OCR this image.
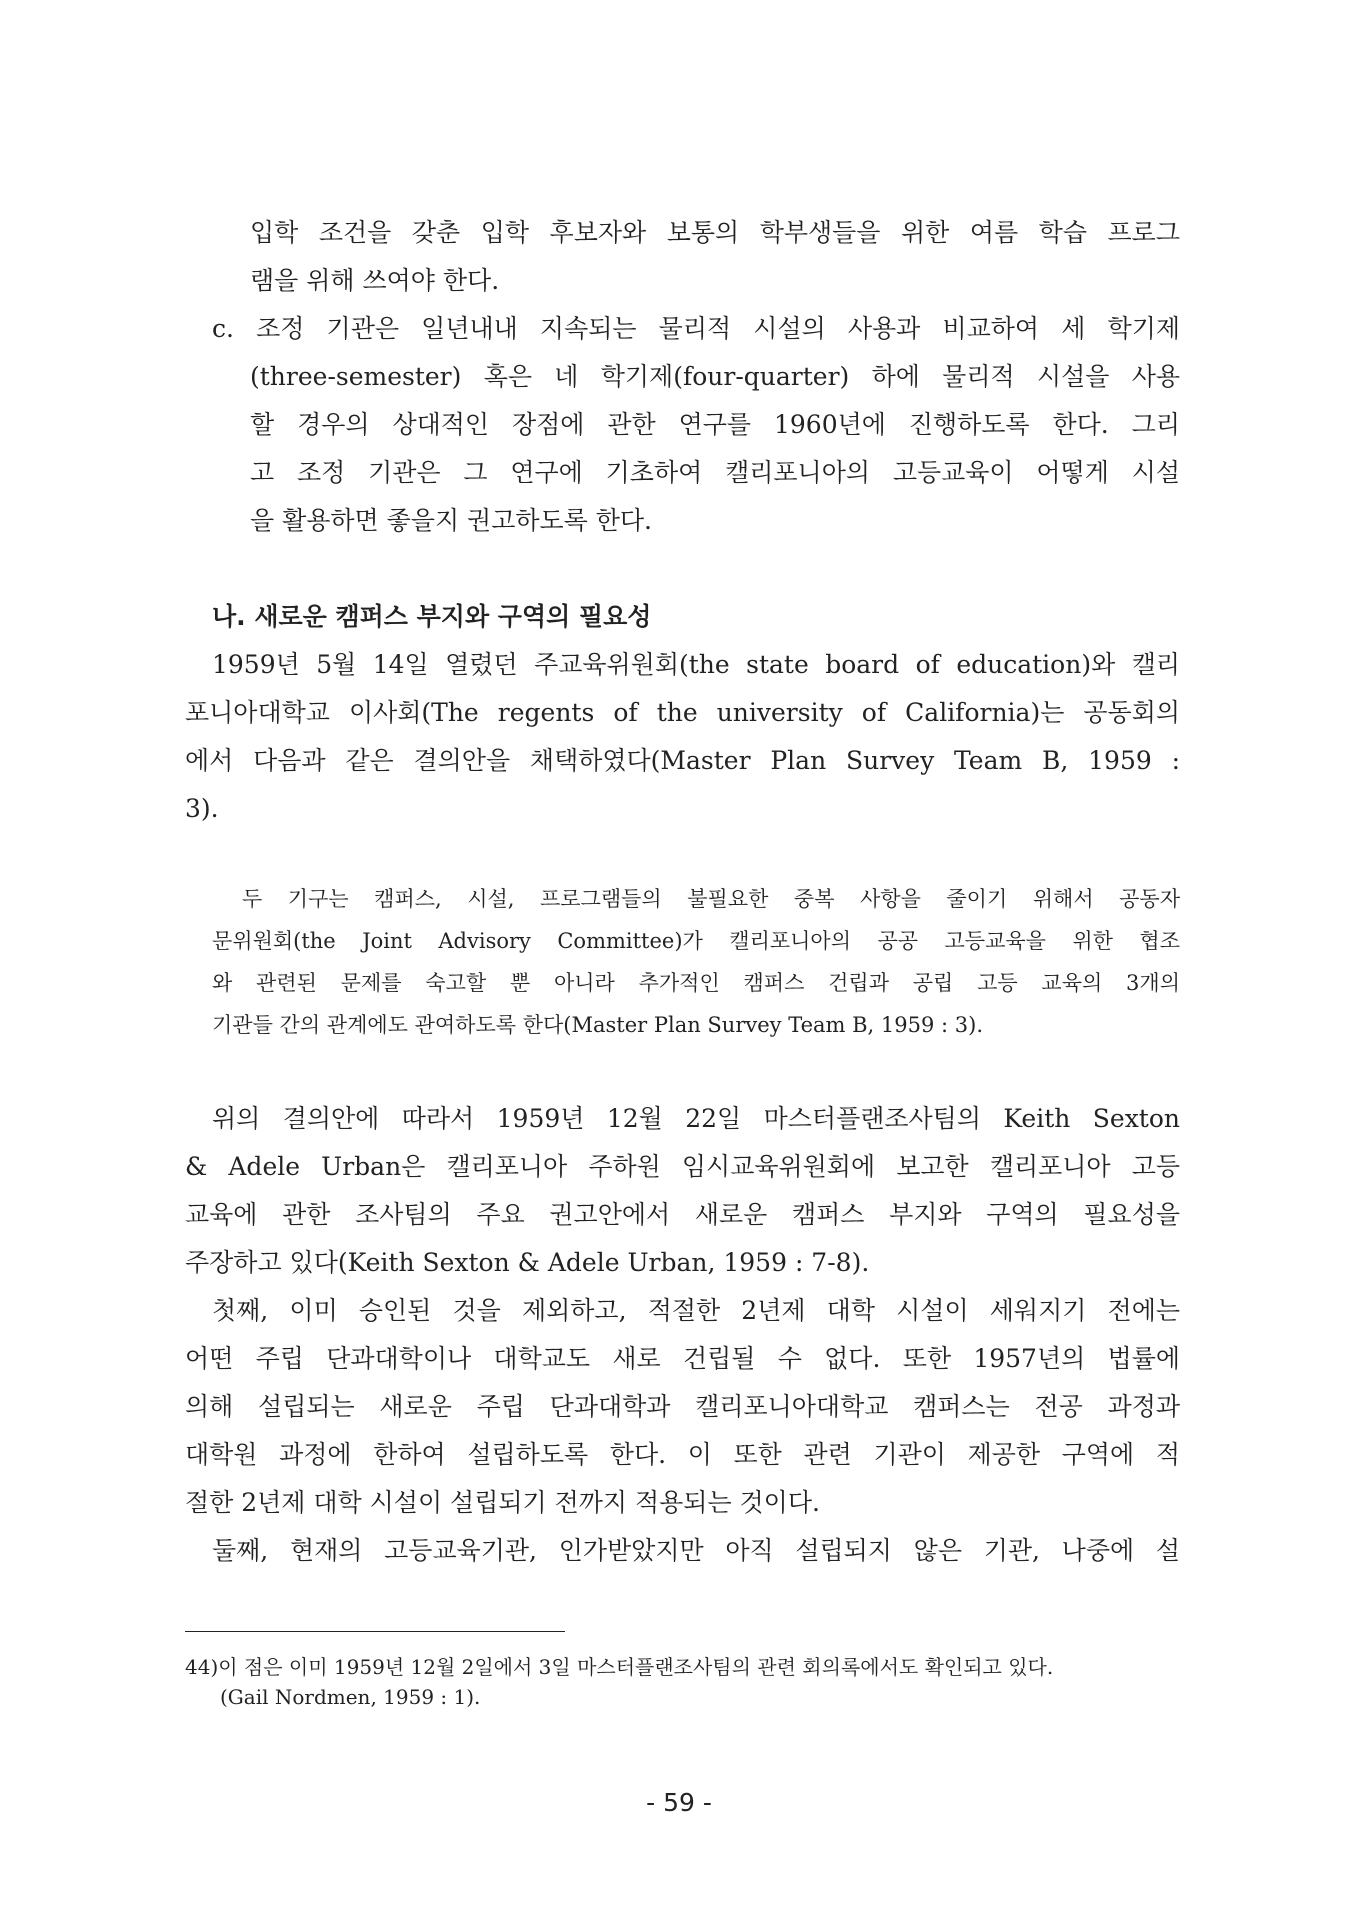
입학 조건을 갖춘 입학 후보자와 보통의 학부생들을 위한 여름 학습 프로그
램을 위해 쓰여야 한다.
c. 조정 기관은 일년내내 지속되는 물리적 시설의 사용과 비교하여 세 학기제
(three-semester) 혹은 네 학기제(four-quarter) 하에 물리적 시설을 사용
할 경우의 상대적인 장점에 관한 연구를 1960년에 진행하도록 한다. 그리
고 조정 기관은 그 연구에 기초하여 캘리포니아의 고등교육이 어떻게 시설
을 활용하면 좋을지 권고하도록 한다.
나. 새로운 캠퍼스 부지와 구역의 필요성
1959년 5월 14일 열렸던 주교육위원회(the state board of education)와 캘리
포니아대학교 이사회(The regents of the university of California)는 공동회의
에서 다음과 같은 결의안을 채택하였다(Master Plan Survey Team B, 1959 :
3).
두 기구는 캠퍼스, 시설, 프로그램들의 불필요한 중복 사항을 줄이기 위해서 공동자
문위원회(the Joint Advisory Committee)가 캘리포니아의 공공 고등교육을 위한 협조
와 관련된 문제를 숙고할 뿐 아니라 추가적인 캠퍼스 건립과 공립 고등 교육의 3개의
기관들 간의 관계에도 관여하도록 한다(Master Plan Survey Team B, 1959 : 3).
위의 결의안에 따라서 1959년 12월 22일 마스터플랜조사팀의 Keith Sexton
& Adele Urban은 캘리포니아 주하원 임시교육위원회에 보고한 캘리포니아 고등
교육에 관한 조사팀의 주요 권고안에서 새로운 캠퍼스 부지와 구역의 필요성을
주장하고 있다(Keith Sexton & Adele Urban, 1959 : 7-8).
첫째, 이미 승인된 것을 제외하고, 적절한 2년제 대학 시설이 세워지기 전에는
어떤 주립 단과대학이나 대학교도 새로 건립될 수 없다. 또한 1957년의 법률에
의해 설립되는 새로운 주립 단과대학과 캘리포니아대학교 캠퍼스는 전공 과정과
대학원 과정에 한하여 설립하도록 한다. 이 또한 관련 기관이 제공한 구역에 적
절한 2년제 대학 시설이 설립되기 전까지 적용되는 것이다.
둘째, 현재의 고등교육기관, 인가받았지만 아직 설립되지 않은 기관, 나중에 설
44)이 점은 이미 1959년 12월 2일에서 3일 마스터플랜조사팀의 관련 회의록에서도 확인되고 있다.
(Gail Nordmen, 1959 : 1).
- 59 -
